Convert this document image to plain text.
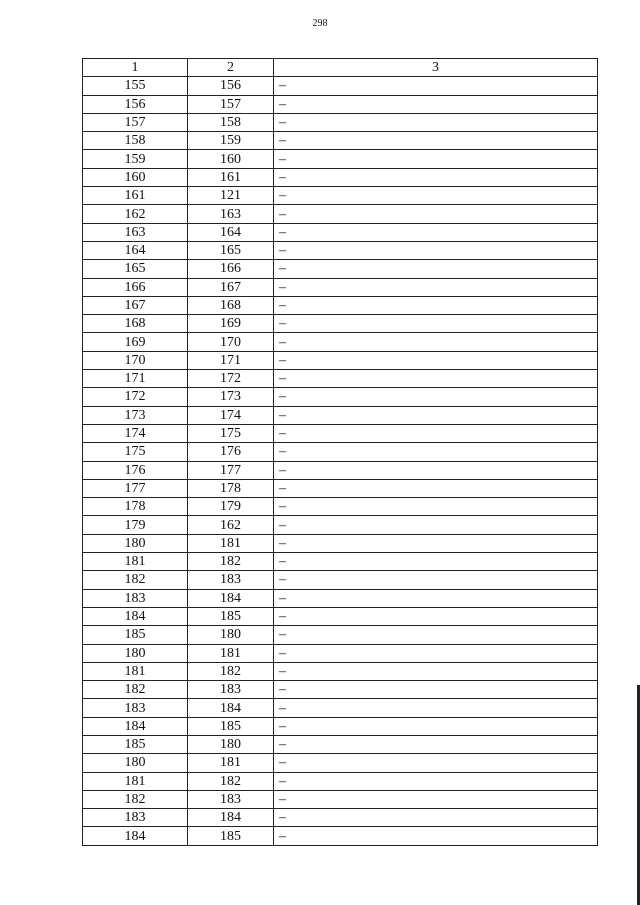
298
1	2	3
155	156	–
156	157	–
157	158	–
158	159	–
159	160	–
160	161	–
161	121	–
162	163	–
163	164	–
164	165	–
165	166	–
166	167	–
167	168	–
168	169	–
169	170	–
170	171	–
171	172	–
172	173	–
173	174	–
174	175	–
175	176	–
176	177	–
177	178	–
178	179	–
179	162	–
180	181	–
181	182	–
182	183	–
183	184	–
184	185	–
185	180	–
180	181	–
181	182	–
182	183	–
183	184	–
184	185	–
185	180	–
180	181	–
181	182	–
182	183	–
183	184	–
184	185	–
